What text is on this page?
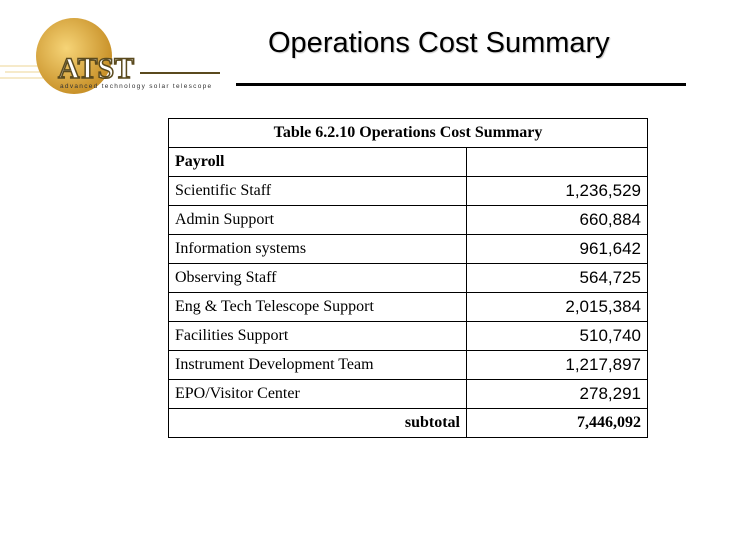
ATST
advanced technology solar telescope
Operations Cost Summary
Table 6.2.10 Operations Cost Summary	
Payroll	
Scientific Staff	1,236,529
Admin Support	660,884
Information systems	961,642
Observing Staff	564,725
Eng & Tech Telescope Support	2,015,384
Facilities Support	510,740
Instrument Development Team	1,217,897
EPO/Visitor Center	278,291
subtotal	7,446,092
